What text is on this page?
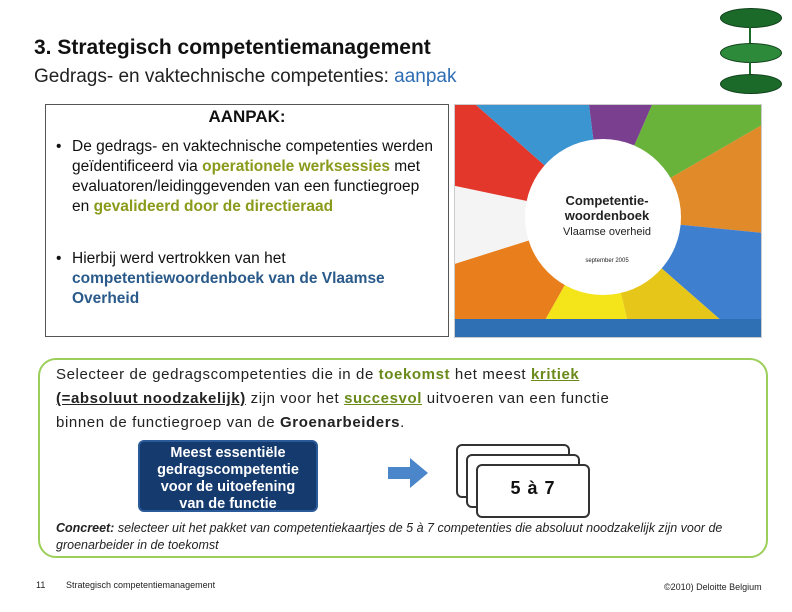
3. Strategisch competentiemanagement
Gedrags- en vaktechnische competenties: aanpak
AANPAK:
• De gedrags- en vaktechnische competenties werden geïdentificeerd via operationele werksessies met evaluatoren/leidinggevenden van een functiegroep en gevalideerd door de directieraad
• Hierbij werd vertrokken van het competentiewoordenboek van de Vlaamse Overheid
Competentie-
woordenboek
Vlaamse overheid
september 2005
Selecteer de gedragscompetenties die in de toekomst het meest kritiek
(=absoluut noodzakelijk) zijn voor het succesvol uitvoeren van een functie
binnen de functiegroep van de Groenarbeiders.
Meest essentiële
gedragscompetentie
voor de uitoefening
van de functie
5 à 7
Concreet: selecteer uit het pakket van competentiekaartjes de 5 à 7 competenties die absoluut noodzakelijk zijn voor de groenarbeider in de toekomst
11 Strategisch competentiemanagement	©2010) Deloitte Belgium
